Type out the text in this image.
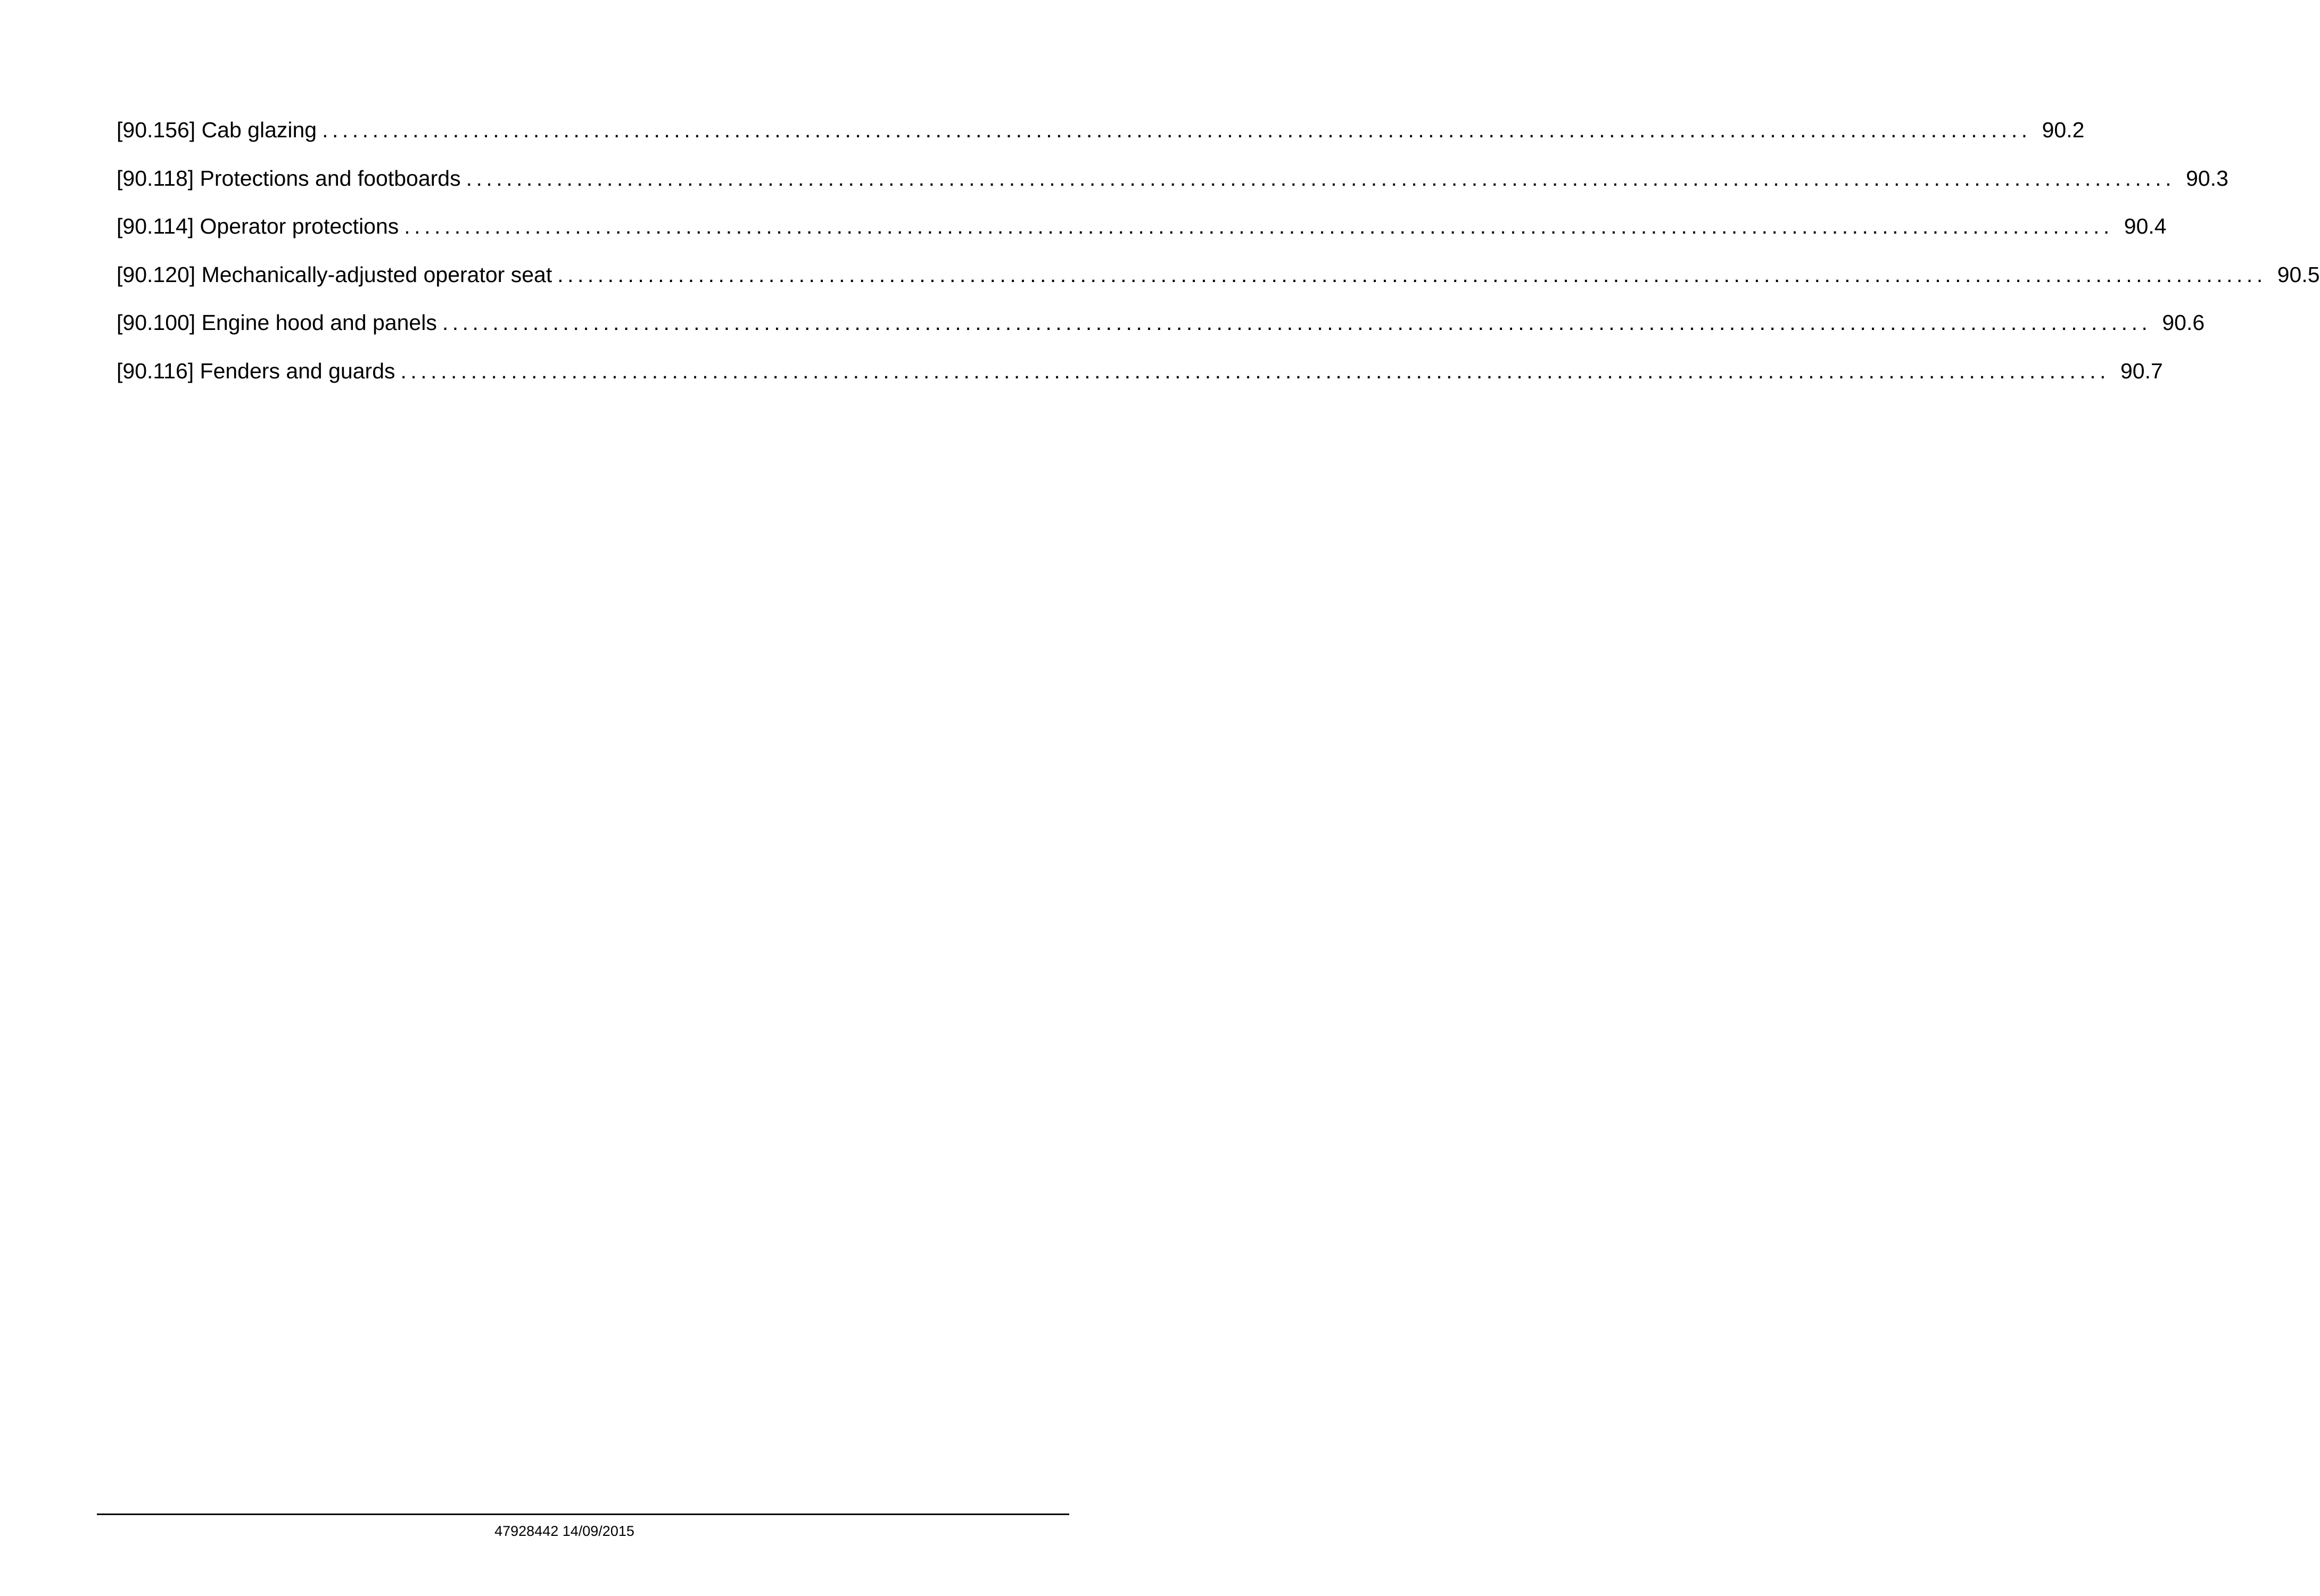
[90.156] Cab glazing .......................................................................................................................................................................... 90.2
[90.118] Protections and footboards .......................................................................................................................................................................... 90.3
[90.114] Operator protections .......................................................................................................................................................................... 90.4
[90.120] Mechanically-adjusted operator seat .......................................................................................................................................................................... 90.5
[90.100] Engine hood and panels .......................................................................................................................................................................... 90.6
[90.116] Fenders and guards .......................................................................................................................................................................... 90.7
47928442 14/09/2015
